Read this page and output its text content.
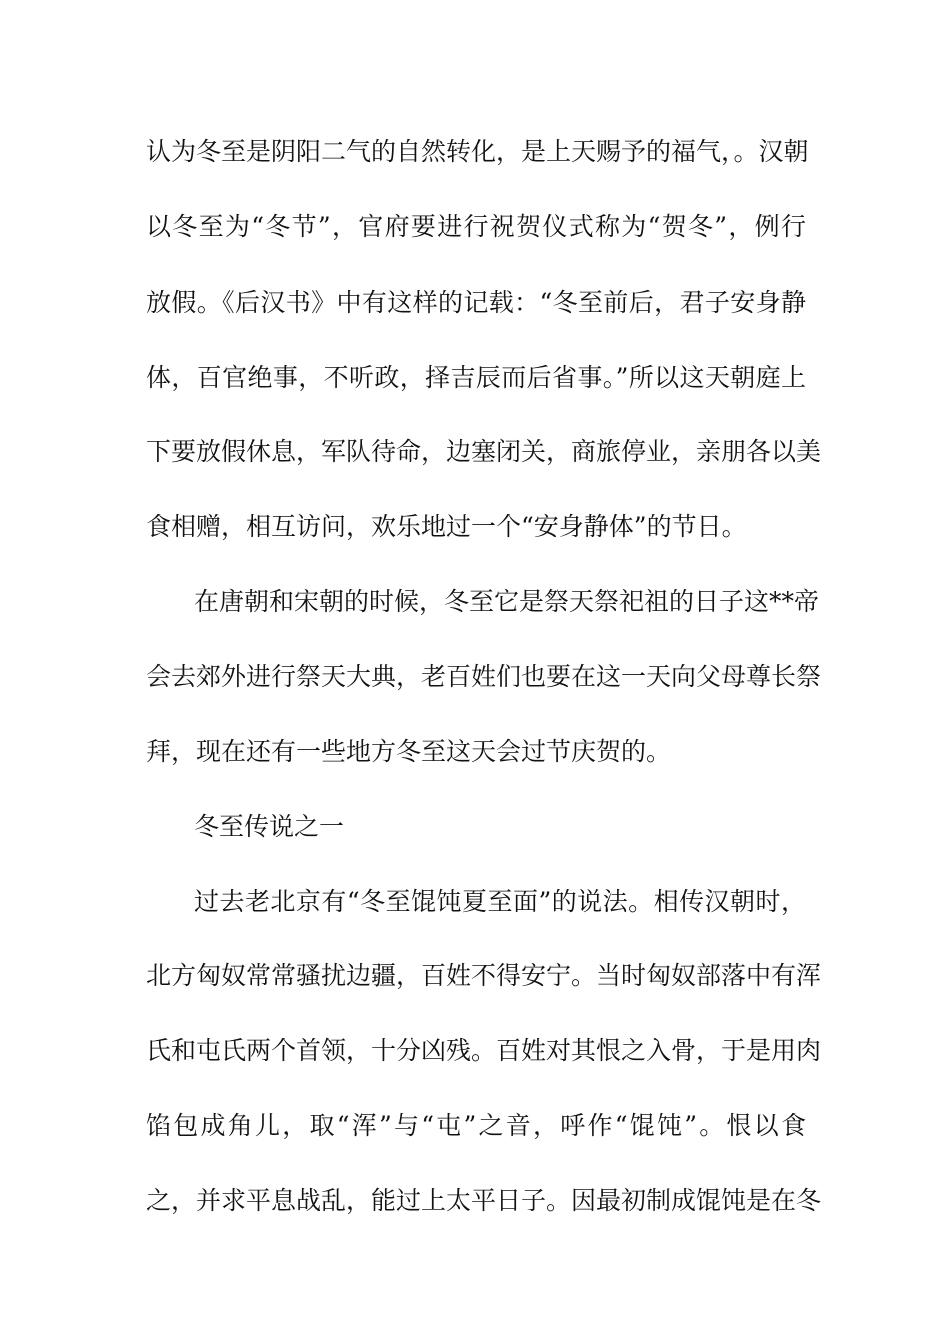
认为冬至是阴阳二气的自然转化，是上天赐予的福气，。汉朝
以冬至为“冬节”，官府要进行祝贺仪式称为“贺冬”，例行
放假。《后汉书》中有这样的记载：“冬至前后，君子安身静
体，百官绝事，不听政，择吉辰而后省事。”所以这天朝庭上
下要放假休息，军队待命，边塞闭关，商旅停业，亲朋各以美
食相赠，相互访问，欢乐地过一个“安身静体”的节日。
在唐朝和宋朝的时候，冬至它是祭天祭祀祖的日子这**帝
会去郊外进行祭天大典，老百姓们也要在这一天向父母尊长祭
拜，现在还有一些地方冬至这天会过节庆贺的。
冬至传说之一
过去老北京有“冬至馄饨夏至面”的说法。相传汉朝时，
北方匈奴常常骚扰边疆，百姓不得安宁。当时匈奴部落中有浑
氏和屯氏两个首领，十分凶残。百姓对其恨之入骨，于是用肉
馅包成角儿，取“浑”与“屯”之音，呼作“馄饨”。恨以食
之，并求平息战乱，能过上太平日子。因最初制成馄饨是在冬
